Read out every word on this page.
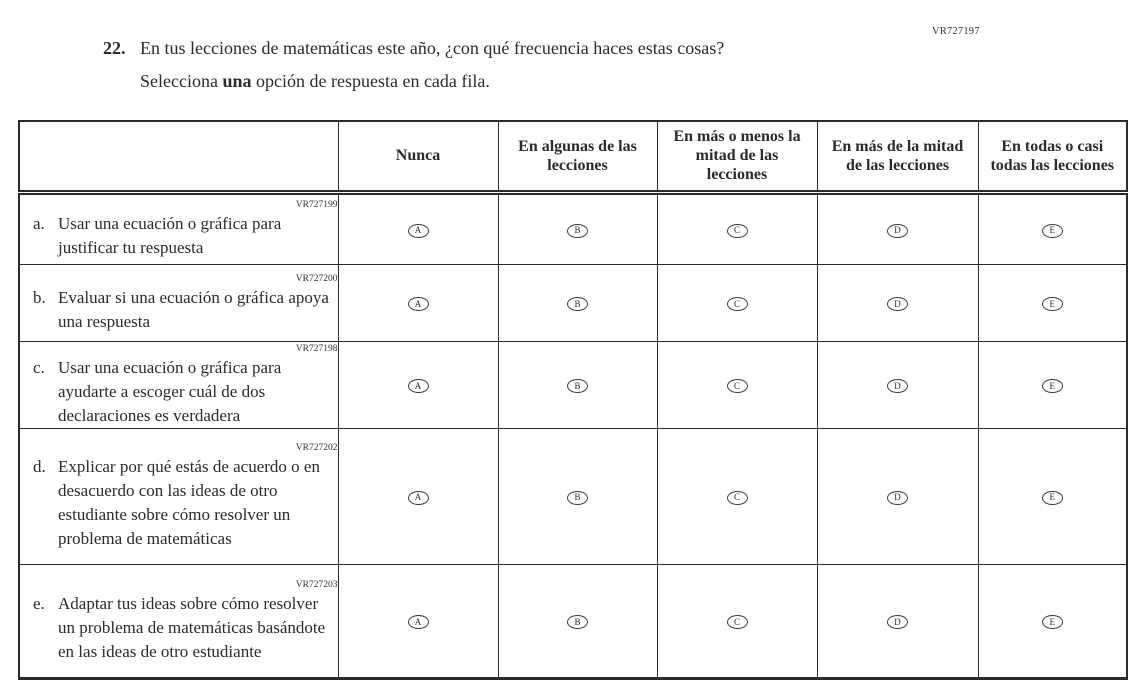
VR727197
22. En tus lecciones de matemáticas este año, ¿con qué frecuencia haces estas cosas?
Selecciona una opción de respuesta en cada fila.
	Nunca	En algunas de las lecciones	En más o menos la mitad de las lecciones	En más de la mitad de las lecciones	En todas o casi todas las lecciones

VR727199
a. Usar una ecuación o gráfica para justificar tu respuesta	A	B	C	D	E

VR727200
b. Evaluar si una ecuación o gráfica apoya una respuesta	A	B	C	D	E

VR727198
c. Usar una ecuación o gráfica para ayudarte a escoger cuál de dos declaraciones es verdadera	A	B	C	D	E

VR727202
d. Explicar por qué estás de acuerdo o en desacuerdo con las ideas de otro estudiante sobre cómo resolver un problema de matemáticas	A	B	C	D	E

VR727203
e. Adaptar tus ideas sobre cómo resolver un problema de matemáticas basándote en las ideas de otro estudiante	A	B	C	D	E
